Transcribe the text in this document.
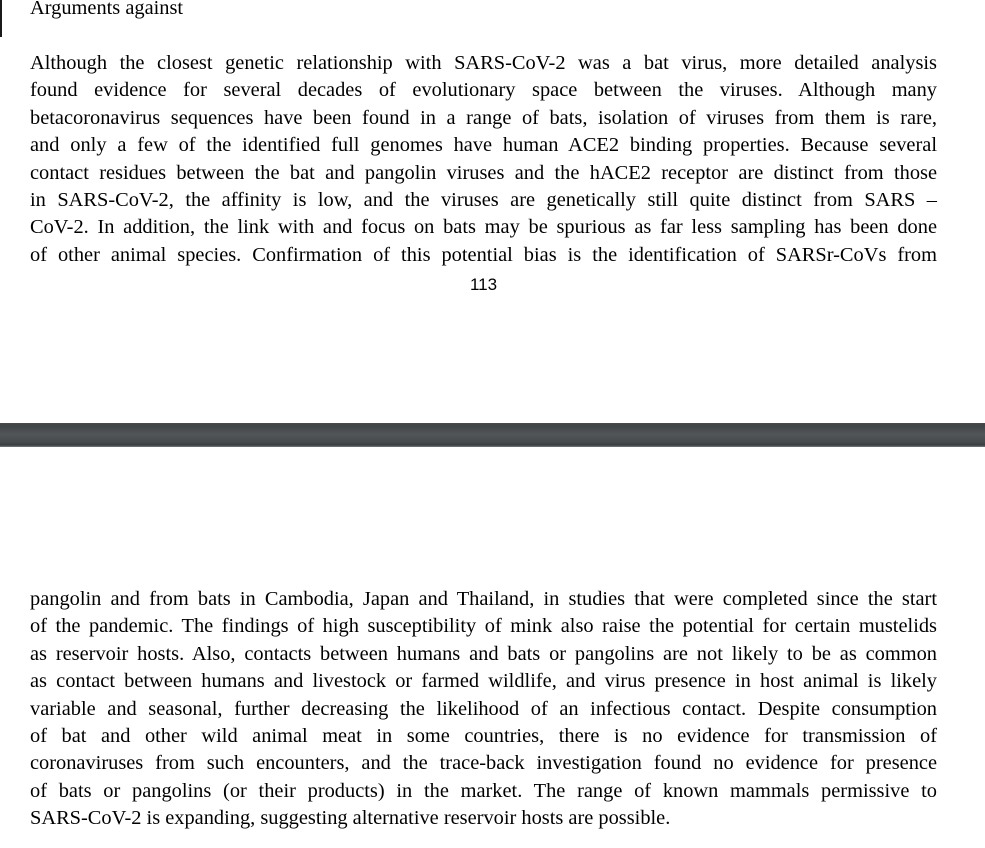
Arguments against
Although the closest genetic relationship with SARS-CoV-2 was a bat virus, more detailed analysis
found evidence for several decades of evolutionary space between the viruses. Although many
betacoronavirus sequences have been found in a range of bats, isolation of viruses from them is rare,
and only a few of the identified full genomes have human ACE2 binding properties. Because several
contact residues between the bat and pangolin viruses and the hACE2 receptor are distinct from those
in SARS-CoV-2, the affinity is low, and the viruses are genetically still quite distinct from SARS –
CoV-2. In addition, the link with and focus on bats may be spurious as far less sampling has been done
of other animal species. Confirmation of this potential bias is the identification of SARSr-CoVs from
113
pangolin and from bats in Cambodia, Japan and Thailand, in studies that were completed since the start
of the pandemic. The findings of high susceptibility of mink also raise the potential for certain mustelids
as reservoir hosts. Also, contacts between humans and bats or pangolins are not likely to be as common
as contact between humans and livestock or farmed wildlife, and virus presence in host animal is likely
variable and seasonal, further decreasing the likelihood of an infectious contact. Despite consumption
of bat and other wild animal meat in some countries, there is no evidence for transmission of
coronaviruses from such encounters, and the trace-back investigation found no evidence for presence
of bats or pangolins (or their products) in the market. The range of known mammals permissive to
SARS-CoV-2 is expanding, suggesting alternative reservoir hosts are possible.
